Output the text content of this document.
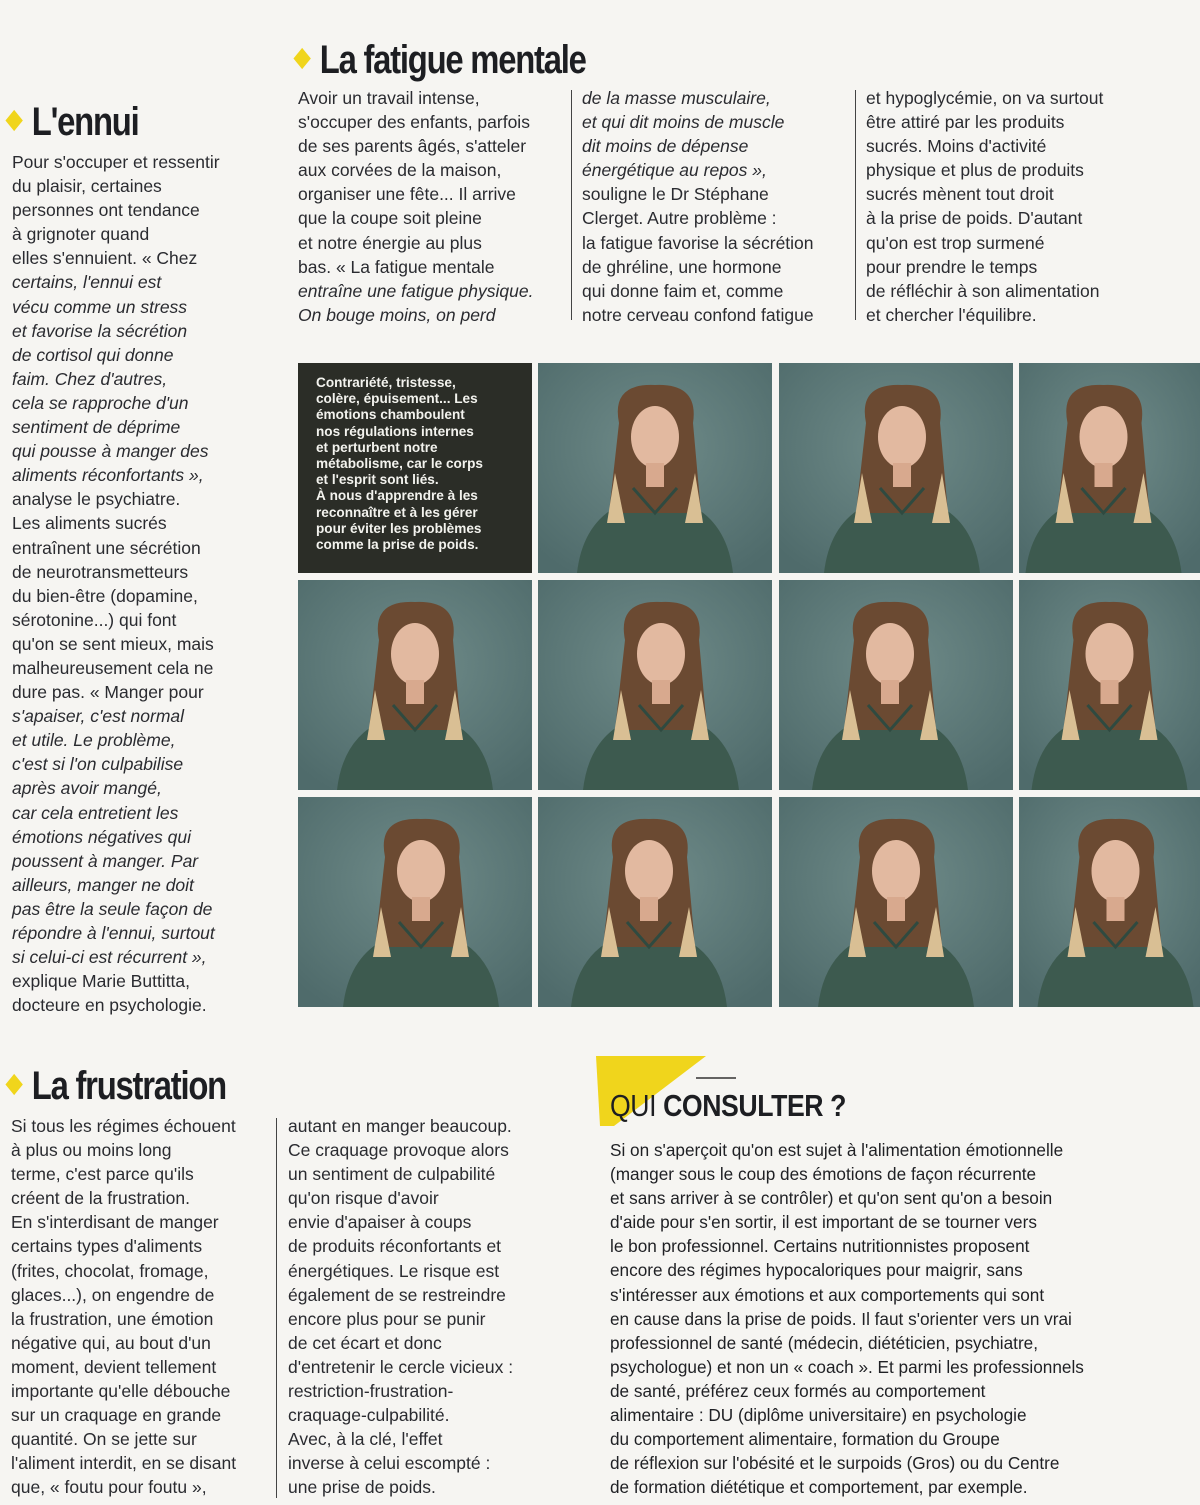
L'ennui
Pour s'occuper et ressentir
du plaisir, certaines
personnes ont tendance
à grignoter quand
elles s'ennuient. « Chez
certains, l'ennui est
vécu comme un stress
et favorise la sécrétion
de cortisol qui donne
faim. Chez d'autres,
cela se rapproche d'un
sentiment de déprime
qui pousse à manger des
aliments réconfortants »,
analyse le psychiatre.
Les aliments sucrés
entraînent une sécrétion
de neurotransmetteurs
du bien-être (dopamine,
sérotonine...) qui font
qu'on se sent mieux, mais
malheureusement cela ne
dure pas. « Manger pour
s'apaiser, c'est normal
et utile. Le problème,
c'est si l'on culpabilise
après avoir mangé,
car cela entretient les
émotions négatives qui
poussent à manger. Par
ailleurs, manger ne doit
pas être la seule façon de
répondre à l'ennui, surtout
si celui-ci est récurrent »,
explique Marie Buttitta,
docteure en psychologie.
La fatigue mentale
Avoir un travail intense,
s'occuper des enfants, parfois
de ses parents âgés, s'atteler
aux corvées de la maison,
organiser une fête... Il arrive
que la coupe soit pleine
et notre énergie au plus
bas. « La fatigue mentale
entraîne une fatigue physique.
On bouge moins, on perd
de la masse musculaire,
et qui dit moins de muscle
dit moins de dépense
énergétique au repos »,
souligne le Dr Stéphane
Clerget. Autre problème :
la fatigue favorise la sécrétion
de ghréline, une hormone
qui donne faim et, comme
notre cerveau confond fatigue
et hypoglycémie, on va surtout
être attiré par les produits
sucrés. Moins d'activité
physique et plus de produits
sucrés mènent tout droit
à la prise de poids. D'autant
qu'on est trop surmené
pour prendre le temps
de réfléchir à son alimentation
et chercher l'équilibre.
Contrariété, tristesse,
colère, épuisement... Les
émotions chamboulent
nos régulations internes
et perturbent notre
métabolisme, car le corps
et l'esprit sont liés.
À nous d'apprendre à les
reconnaître et à les gérer
pour éviter les problèmes
comme la prise de poids.
La frustration
Si tous les régimes échouent
à plus ou moins long
terme, c'est parce qu'ils
créent de la frustration.
En s'interdisant de manger
certains types d'aliments
(frites, chocolat, fromage,
glaces...), on engendre de
la frustration, une émotion
négative qui, au bout d'un
moment, devient tellement
importante qu'elle débouche
sur un craquage en grande
quantité. On se jette sur
l'aliment interdit, en se disant
que, « foutu pour foutu »,
autant en manger beaucoup.
Ce craquage provoque alors
un sentiment de culpabilité
qu'on risque d'avoir
envie d'apaiser à coups
de produits réconfortants et
énergétiques. Le risque est
également de se restreindre
encore plus pour se punir
de cet écart et donc
d'entretenir le cercle vicieux :
restriction-frustration-
craquage-culpabilité.
Avec, à la clé, l'effet
inverse à celui escompté :
une prise de poids.
QUI CONSULTER ?
Si on s'aperçoit qu'on est sujet à l'alimentation émotionnelle
(manger sous le coup des émotions de façon récurrente
et sans arriver à se contrôler) et qu'on sent qu'on a besoin
d'aide pour s'en sortir, il est important de se tourner vers
le bon professionnel. Certains nutritionnistes proposent
encore des régimes hypocaloriques pour maigrir, sans
s'intéresser aux émotions et aux comportements qui sont
en cause dans la prise de poids. Il faut s'orienter vers un vrai
professionnel de santé (médecin, diététicien, psychiatre,
psychologue) et non un « coach ». Et parmi les professionnels
de santé, préférez ceux formés au comportement
alimentaire : DU (diplôme universitaire) en psychologie
du comportement alimentaire, formation du Groupe
de réflexion sur l'obésité et le surpoids (Gros) ou du Centre
de formation diététique et comportement, par exemple.
